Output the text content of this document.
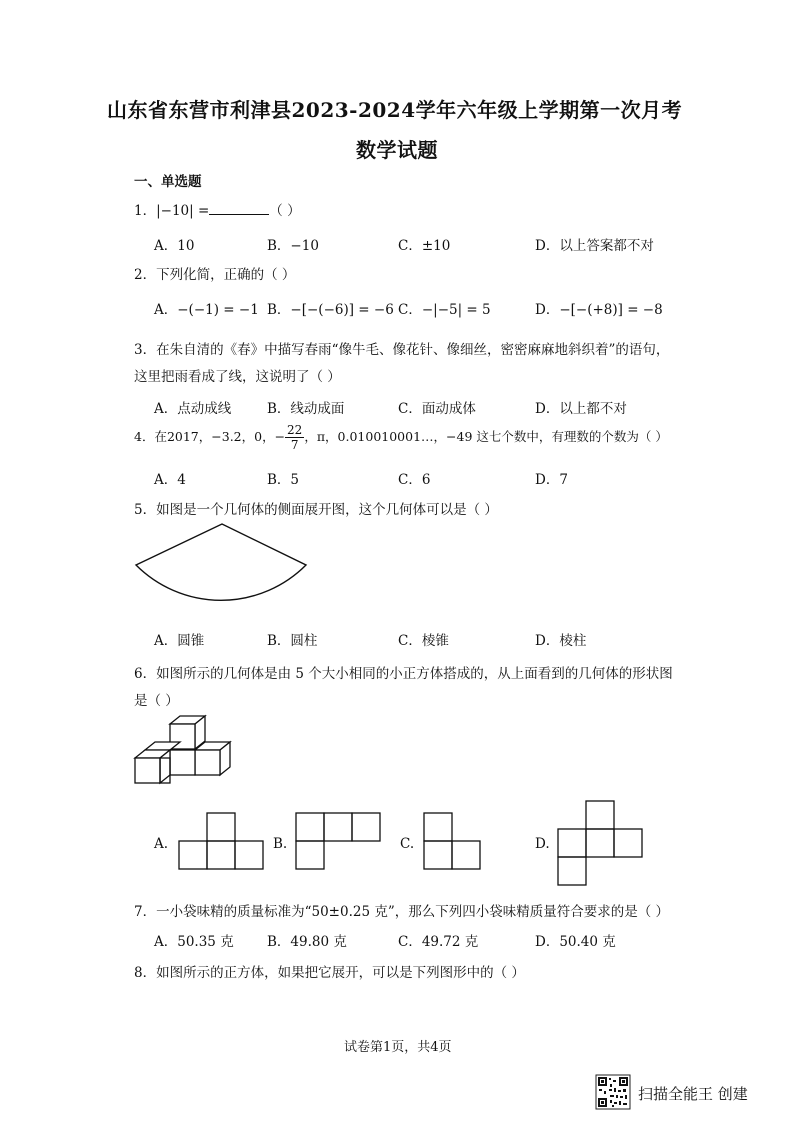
山东省东营市利津县2023-2024学年六年级上学期第一次月考
数学试题
一、单选题
1．|−10| =	（ ）
A．10	B．−10	C．±10	D．以上答案都不对
2．下列化简，正确的（ ）
A．−(−1) = −1 B．−[−(−6)] = −6 C．−|−5| = 5	D．−[−(+8)] = −8
3．在朱自清的《春》中描写春雨“像牛毛、像花针、像细丝，密密麻麻地斜织着”的语句，
这里把雨看成了线，这说明了（ ）
A．点动成线	B．线动成面	C．面动成体	D．以上都不对
4．在2017，−3.2，0，− $\frac{22}{7}$ ，π，0.010010001…，−49 这七个数中，有理数的个数为（ ）
A．4	B．5	C．6	D．7
5．如图是一个几何体的侧面展开图，这个几何体可以是（ ）
A．圆锥	B．圆柱	C．棱锥	D．棱柱
6．如图所示的几何体是由 5 个大小相同的小正方体搭成的，从上面看到的几何体的形状图
是（ ）
A.	B.	C.	D.
7．一小袋味精的质量标准为“50±0.25 克”，那么下列四小袋味精质量符合要求的是（ ）
A．50.35 克 B．49.80 克	C．49.72 克	D．50.40 克
8．如图所示的正方体，如果把它展开，可以是下列图形中的（ ）
试卷第1页，共4页
扫描全能王 创建
